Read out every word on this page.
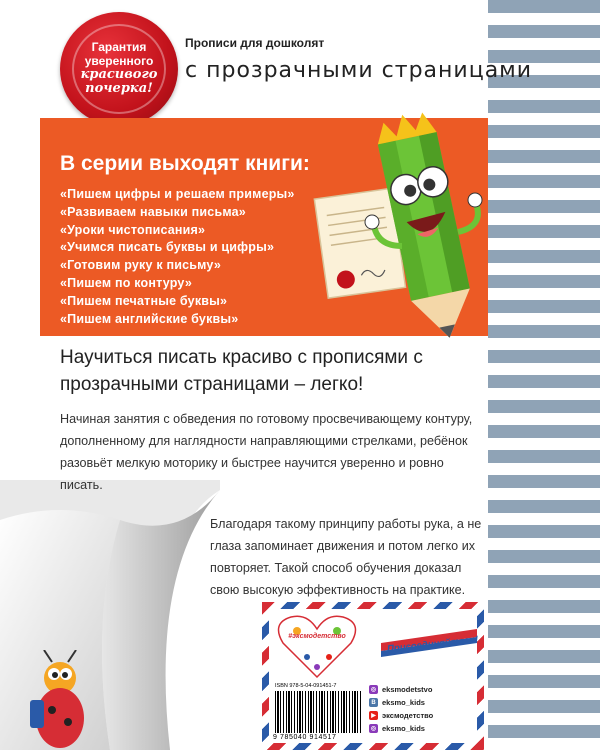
Гарантия
уверенного
красивого
почерка!
Прописи для дошколят
с прозрачными страницами
В серии выходят книги:
«Пишем цифры и решаем примеры»
«Развиваем навыки письма»
«Уроки чистописания»
«Учимся писать буквы и цифры»
«Готовим руку к письму»
«Пишем по контуру»
«Пишем печатные буквы»
«Пишем английские буквы»
Научиться писать красиво с прописями с прозрачными страницами – легко!
Начиная занятия с обведения по готовому просвечивающему контуру, дополненному для наглядности направляющими стрелками, ребёнок разовьёт мелкую моторику и быстрее научится уверенно и ровно писать.
Благодаря такому принципу работы рука, а не глаза запоминает движения и потом легко их повторяет. Такой способ обучения доказал свою высокую эффективность на практике.
#эксмодетство	Присоединяйтесь!
ISBN 978-5-04-091451-7
9 785040 914517
◎ eksmodetstvo
В eksmo_kids
▶ эксмодетство
◎ eksmo_kids
